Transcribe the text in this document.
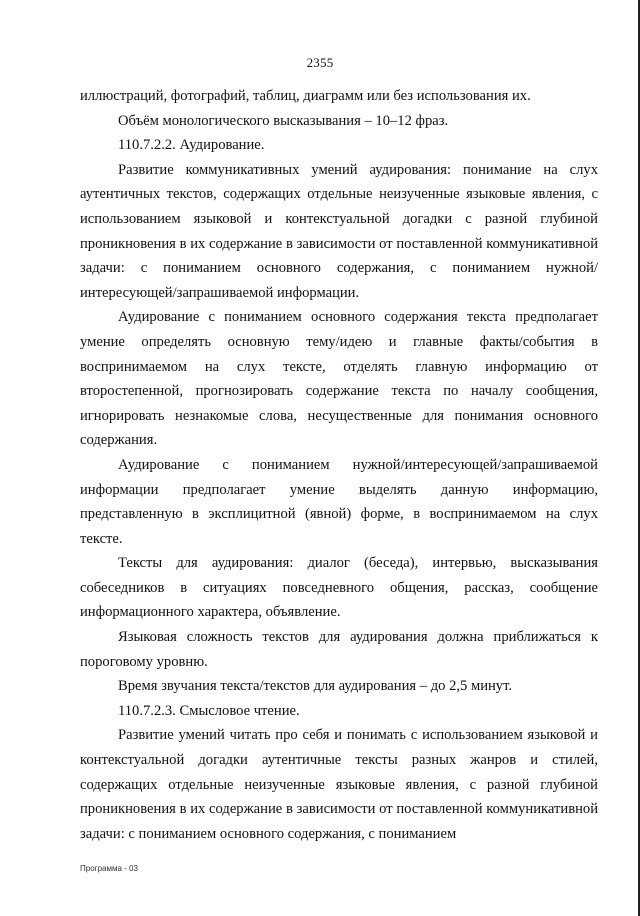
2355

иллюстраций, фотографий, таблиц, диаграмм или без использования их.

Объём монологического высказывания – 10–12 фраз.

110.7.2.2. Аудирование.

Развитие коммуникативных умений аудирования: понимание на слух аутентичных текстов, содержащих отдельные неизученные языковые явления, с использованием языковой и контекстуальной догадки с разной глубиной проникновения в их содержание в зависимости от поставленной коммуникативной задачи: с пониманием основного содержания, с пониманием нужной/интересующей/запрашиваемой информации.

Аудирование с пониманием основного содержания текста предполагает умение определять основную тему/идею и главные факты/события в воспринимаемом на слух тексте, отделять главную информацию от второстепенной, прогнозировать содержание текста по началу сообщения, игнорировать незнакомые слова, несущественные для понимания основного содержания.

Аудирование с пониманием нужной/интересующей/запрашиваемой информации предполагает умение выделять данную информацию, представленную в эксплицитной (явной) форме, в воспринимаемом на слух тексте.

Тексты для аудирования: диалог (беседа), интервью, высказывания собеседников в ситуациях повседневного общения, рассказ, сообщение информационного характера, объявление.

Языковая сложность текстов для аудирования должна приближаться к пороговому уровню.

Время звучания текста/текстов для аудирования – до 2,5 минут.

110.7.2.3. Смысловое чтение.

Развитие умений читать про себя и понимать с использованием языковой и контекстуальной догадки аутентичные тексты разных жанров и стилей, содержащих отдельные неизученные языковые явления, с разной глубиной проникновения в их содержание в зависимости от поставленной коммуникативной задачи: с пониманием основного содержания, с пониманием

Программа - 03
